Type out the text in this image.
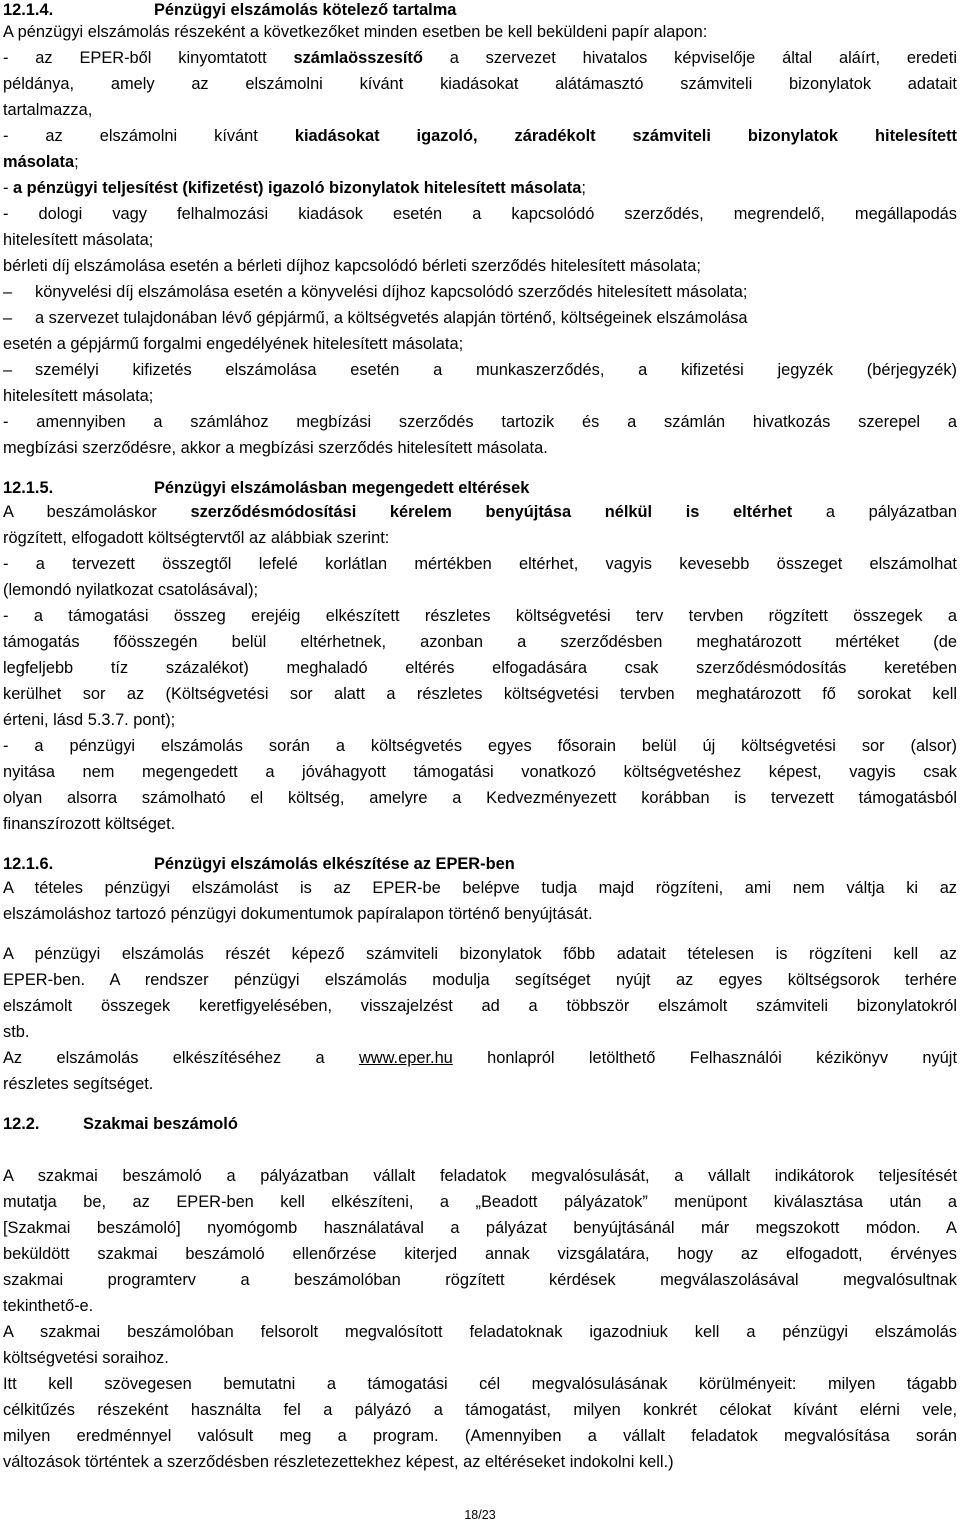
12.1.4.	Pénzügyi elszámolás kötelező tartalma
A pénzügyi elszámolás részeként a következőket minden esetben be kell beküldeni papír alapon:
- az EPER-ből kinyomtatott számlaösszesítő a szervezet hivatalos képviselője által aláírt, eredeti
példánya, amely az elszámolni kívánt kiadásokat alátámasztó számviteli bizonylatok adatait
tartalmazza,
- az elszámolni kívánt kiadásokat igazoló, záradékolt számviteli bizonylatok hitelesített
másolata;
- a pénzügyi teljesítést (kifizetést) igazoló bizonylatok hitelesített másolata;
- dologi vagy felhalmozási kiadások esetén a kapcsolódó szerződés, megrendelő, megállapodás
hitelesített másolata;
bérleti díj elszámolása esetén a bérleti díjhoz kapcsolódó bérleti szerződés hitelesített másolata;
– könyvelési díj elszámolása esetén a könyvelési díjhoz kapcsolódó szerződés hitelesített másolata;
– a szervezet tulajdonában lévő gépjármű, a költségvetés alapján történő, költségeinek elszámolása
esetén a gépjármű forgalmi engedélyének hitelesített másolata;
–	személyi kifizetés elszámolása esetén a munkaszerződés, a kifizetési jegyzék (bérjegyzék)
hitelesített másolata;
- amennyiben a számlához megbízási szerződés tartozik és a számlán hivatkozás szerepel a
megbízási szerződésre, akkor a megbízási szerződés hitelesített másolata.
12.1.5.	Pénzügyi elszámolásban megengedett eltérések
A beszámoláskor szerződésmódosítási kérelem benyújtása nélkül is eltérhet a pályázatban
rögzített, elfogadott költségtervtől az alábbiak szerint:
- a tervezett összegtől lefelé korlátlan mértékben eltérhet, vagyis kevesebb összeget elszámolhat
(lemondó nyilatkozat csatolásával);
- a támogatási összeg erejéig elkészített részletes költségvetési terv tervben rögzített összegek a
támogatás főösszegén belül eltérhetnek, azonban a szerződésben meghatározott mértéket (de
legfeljebb tíz százalékot) meghaladó eltérés elfogadására csak szerződésmódosítás keretében
kerülhet sor az (Költségvetési sor alatt a részletes költségvetési tervben meghatározott fő sorokat kell
érteni, lásd 5.3.7. pont);
- a pénzügyi elszámolás során a költségvetés egyes fősorain belül új költségvetési sor (alsor)
nyitása nem megengedett a jóváhagyott támogatási vonatkozó költségvetéshez képest, vagyis csak
olyan alsorra számolható el költség, amelyre a Kedvezményezett korábban is tervezett támogatásból
finanszírozott költséget.
12.1.6.	Pénzügyi elszámolás elkészítése az EPER-ben
A tételes pénzügyi elszámolást is az EPER-be belépve tudja majd rögzíteni, ami nem váltja ki az
elszámoláshoz tartozó pénzügyi dokumentumok papíralapon történő benyújtását.
A pénzügyi elszámolás részét képező számviteli bizonylatok főbb adatait tételesen is rögzíteni kell az
EPER-ben. A rendszer pénzügyi elszámolás modulja segítséget nyújt az egyes költségsorok terhére
elszámolt összegek keretfigyelésében, visszajelzést ad a többször elszámolt számviteli bizonylatokról
stb.
Az elszámolás elkészítéséhez a www.eper.hu honlapról letölthető Felhasználói kézikönyv nyújt
részletes segítséget.
12.2.	Szakmai beszámoló
A szakmai beszámoló a pályázatban vállalt feladatok megvalósulását, a vállalt indikátorok teljesítését
mutatja be, az EPER-ben kell elkészíteni, a „Beadott pályázatok” menüpont kiválasztása után a
[Szakmai beszámoló] nyomógomb használatával a pályázat benyújtásánál már megszokott módon. A
beküldött szakmai beszámoló ellenőrzése kiterjed annak vizsgálatára, hogy az elfogadott, érvényes
szakmai programterv a beszámolóban rögzített kérdések megválaszolásával megvalósultnak
tekinthető-e.
A szakmai beszámolóban felsorolt megvalósított feladatoknak igazodniuk kell a pénzügyi elszámolás
költségvetési soraihoz.
Itt kell szövegesen bemutatni a támogatási cél megvalósulásának körülményeit: milyen tágabb
célkitűzés részeként használta fel a pályázó a támogatást, milyen konkrét célokat kívánt elérni vele,
milyen eredménnyel valósult meg a program. (Amennyiben a vállalt feladatok megvalósítása során
változások történtek a szerződésben részletezettekhez képest, az eltéréseket indokolni kell.)
18/23
